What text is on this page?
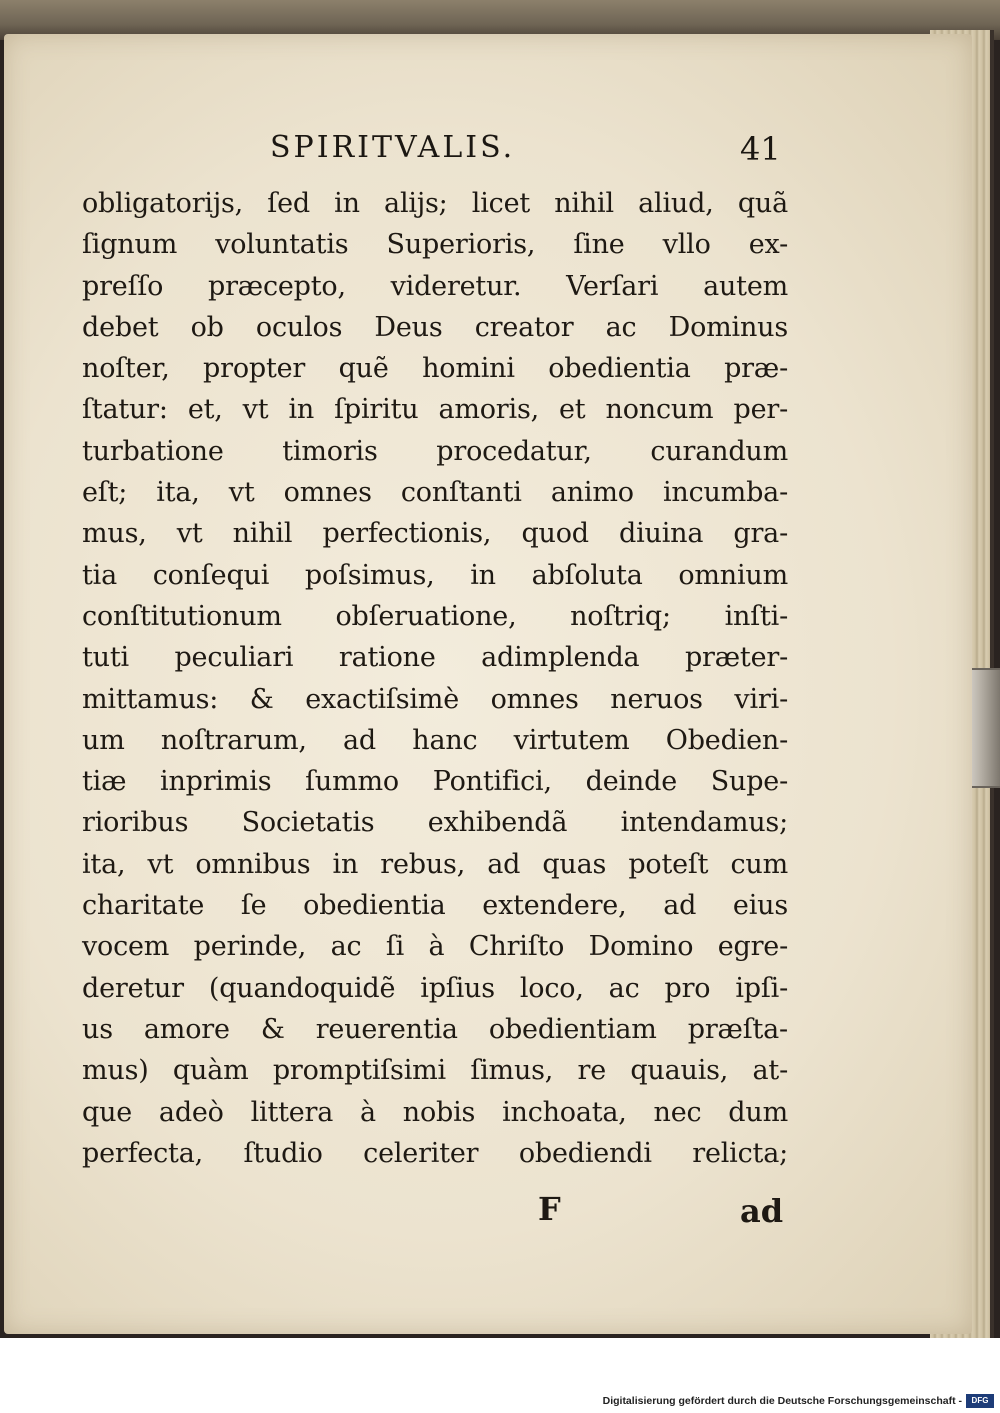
SPIRITVALIS.	41
obligatorijs, ſed in alijs; licet nihil aliud, quã
ſignum voluntatis Superioris, ſine vllo ex-
preſſo præcepto, videretur. Verſari autem
debet ob oculos Deus creator ac Dominus
noſter, propter quẽ homini obedientia præ-
ſtatur: et, vt in ſpiritu amoris, et noncum per-
turbatione timoris procedatur, curandum
eſt; ita, vt omnes conſtanti animo incumba-
mus, vt nihil perfectionis, quod diuina gra-
tia conſequi poſsimus, in abſoluta omnium
conſtitutionum obſeruatione, noſtriq; inſti-
tuti peculiari ratione adimplenda præter-
mittamus: & exactiſsimè omnes neruos viri-
um noſtrarum, ad hanc virtutem Obedien-
tiæ inprimis ſummo Pontifici, deinde Supe-
rioribus Societatis exhibendã intendamus;
ita, vt omnibus in rebus, ad quas poteſt cum
charitate ſe obedientia extendere, ad eius
vocem perinde, ac ſi à Chriſto Domino egre-
deretur (quandoquidẽ ipſius loco, ac pro ipſi-
us amore & reuerentia obedientiam præſta-
mus) quàm promptiſsimi ſimus, re quauis, at-
que adeò littera à nobis inchoata, nec dum
perfecta, ſtudio celeriter obediendi relicta;
F	ad
Digitalisierung gefördert durch die Deutsche Forschungsgemeinschaft -	DFG
